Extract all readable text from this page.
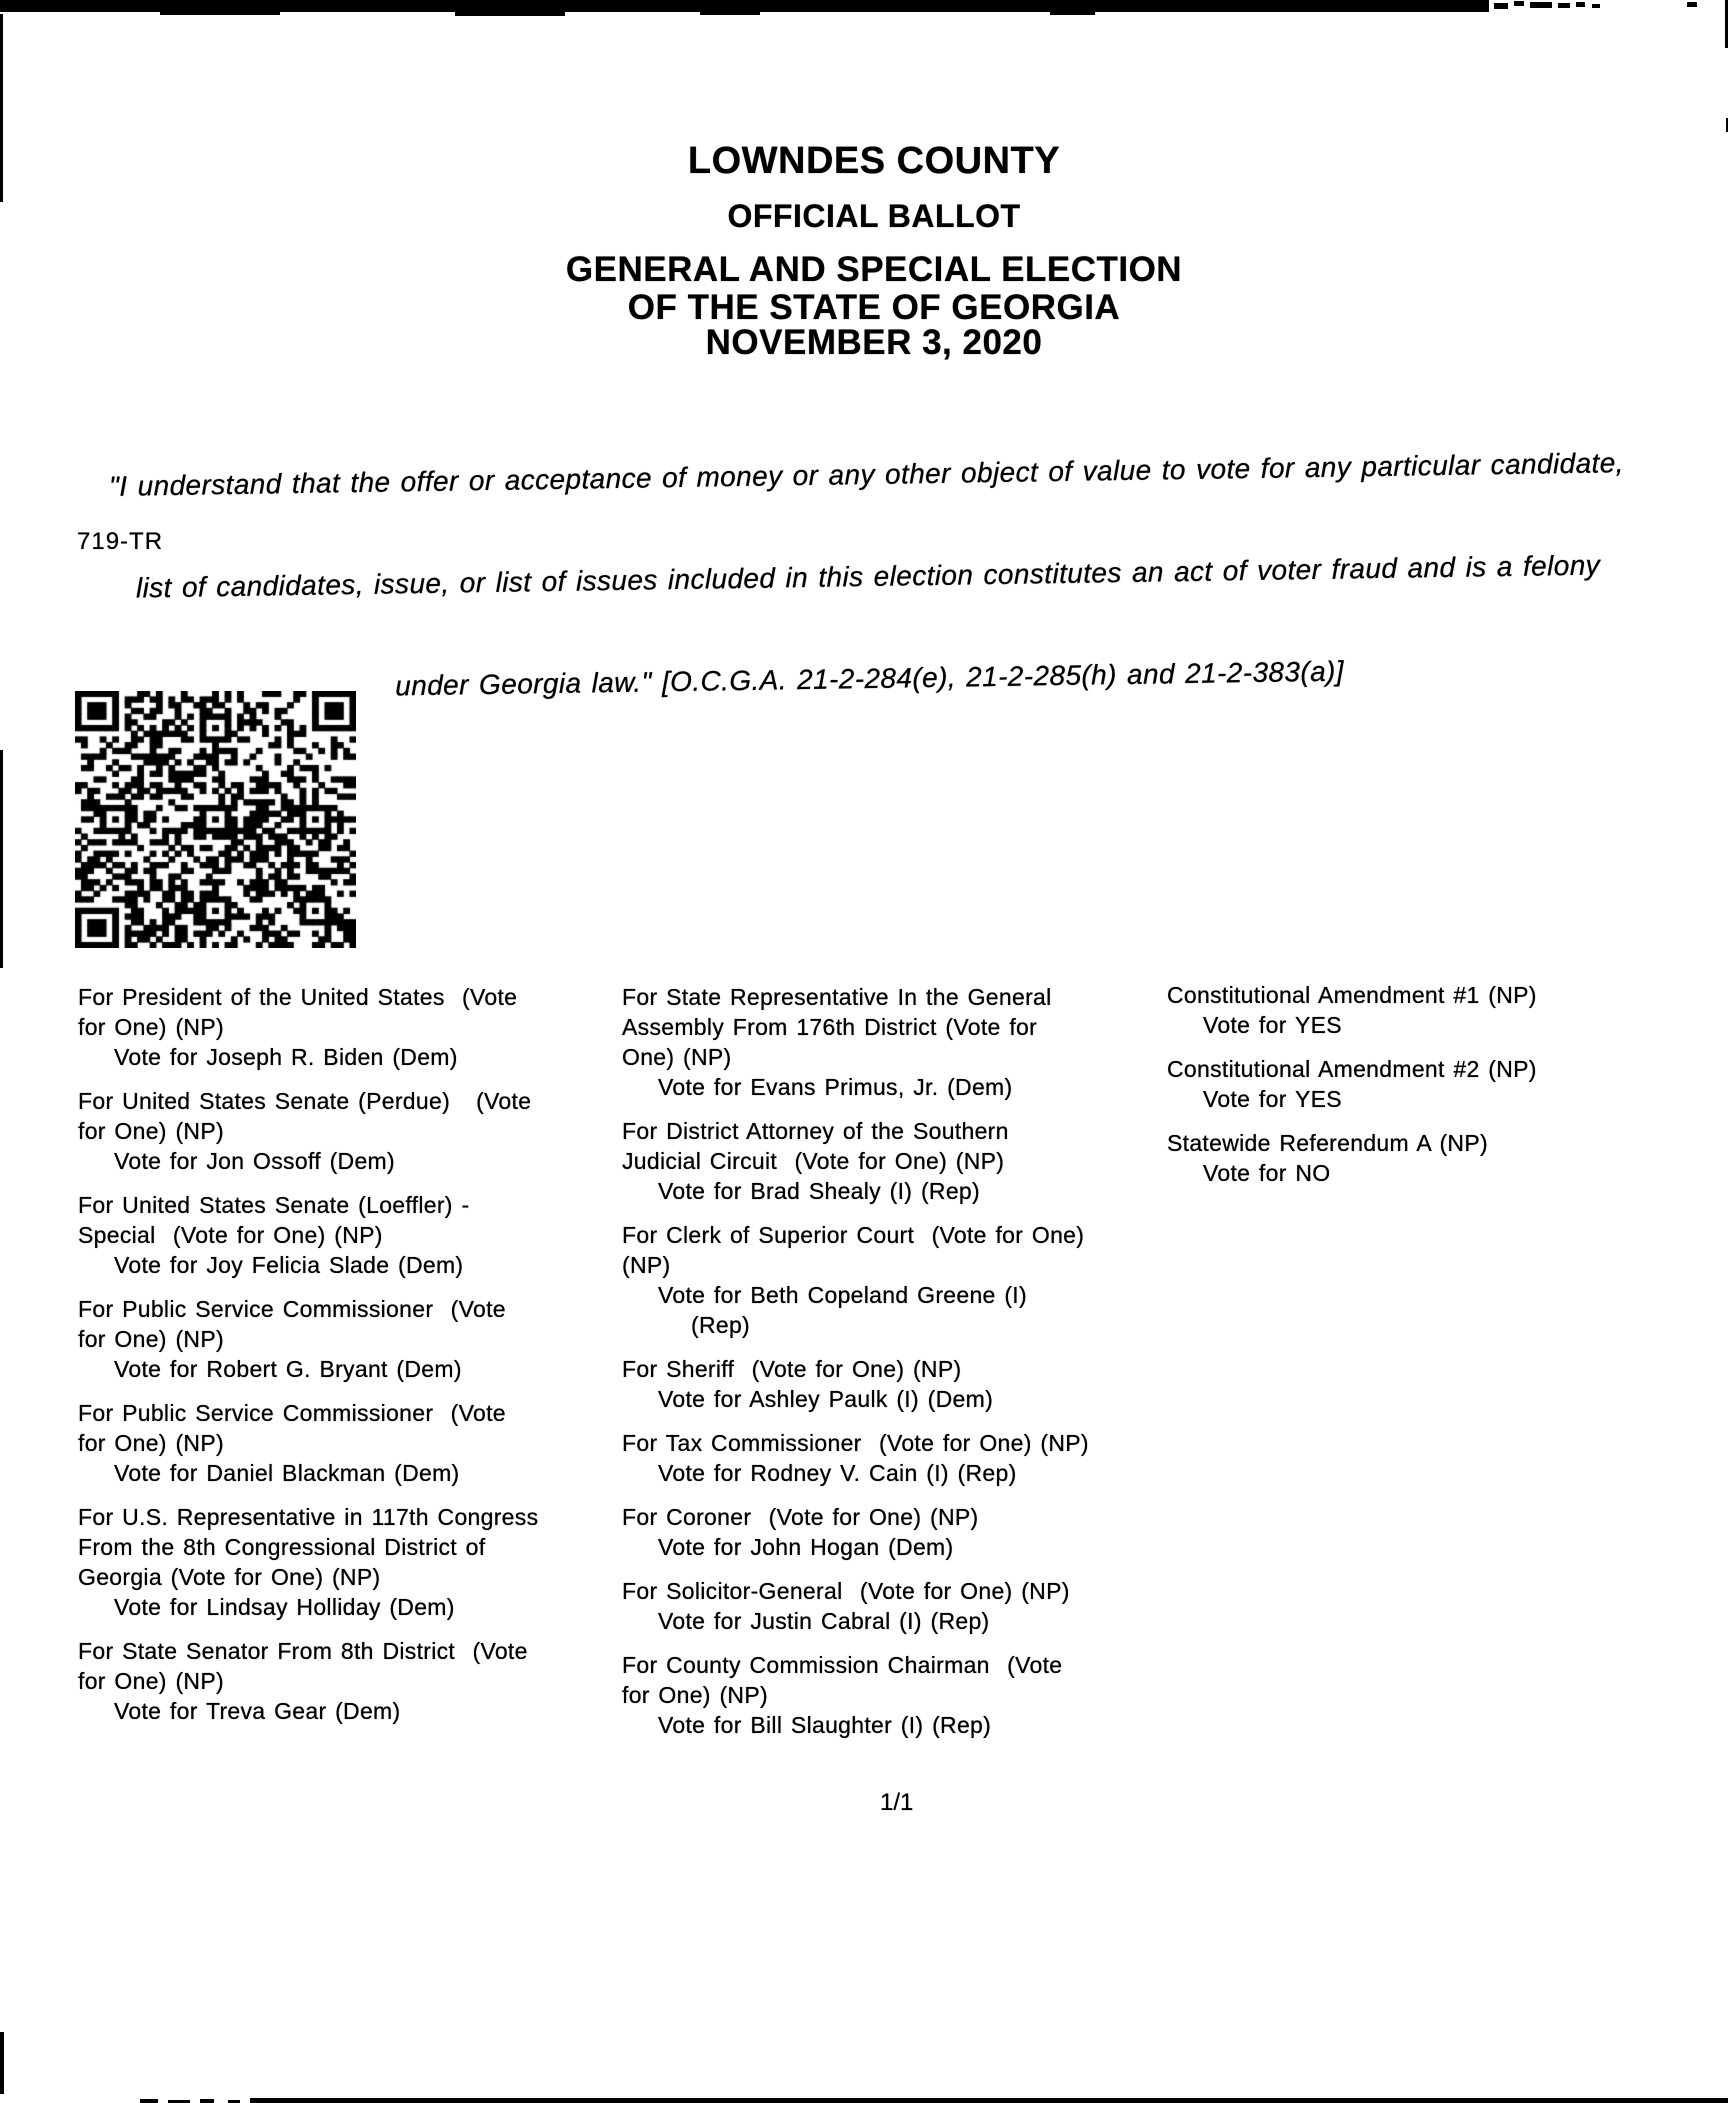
LOWNDES COUNTY
OFFICIAL BALLOT
GENERAL AND SPECIAL ELECTION
OF THE STATE OF GEORGIA
NOVEMBER 3, 2020

"I understand that the offer or acceptance of money or any other object of value to vote for any particular candidate,

list of candidates, issue, or list of issues included in this election constitutes an act of voter fraud and is a felony

under Georgia law." [O.C.G.A. 21-2-284(e), 21-2-285(h) and 21-2-383(a)]

719-TR
For President of the United States  (Vote
for One) (NP)
Vote for Joseph R. Biden (Dem)
For United States Senate (Perdue)   (Vote
for One) (NP)
Vote for Jon Ossoff (Dem)
For United States Senate (Loeffler) -
Special  (Vote for One) (NP)
Vote for Joy Felicia Slade (Dem)
For Public Service Commissioner  (Vote
for One) (NP)
Vote for Robert G. Bryant (Dem)
For Public Service Commissioner  (Vote
for One) (NP)
Vote for Daniel Blackman (Dem)
For U.S. Representative in 117th Congress
From the 8th Congressional District of
Georgia (Vote for One) (NP)
Vote for Lindsay Holliday (Dem)
For State Senator From 8th District  (Vote
for One) (NP)
Vote for Treva Gear (Dem)
For State Representative In the General
Assembly From 176th District (Vote for
One) (NP)
Vote for Evans Primus, Jr. (Dem)
For District Attorney of the Southern
Judicial Circuit  (Vote for One) (NP)
Vote for Brad Shealy (I) (Rep)
For Clerk of Superior Court  (Vote for One)
(NP)
Vote for Beth Copeland Greene (I)
(Rep)
For Sheriff  (Vote for One) (NP)
Vote for Ashley Paulk (I) (Dem)
For Tax Commissioner  (Vote for One) (NP)
Vote for Rodney V. Cain (I) (Rep)
For Coroner  (Vote for One) (NP)
Vote for John Hogan (Dem)
For Solicitor-General  (Vote for One) (NP)
Vote for Justin Cabral (I) (Rep)
For County Commission Chairman  (Vote
for One) (NP)
Vote for Bill Slaughter (I) (Rep)
Constitutional Amendment #1 (NP)
Vote for YES
Constitutional Amendment #2 (NP)
Vote for YES
Statewide Referendum A (NP)
Vote for NO
1/1
